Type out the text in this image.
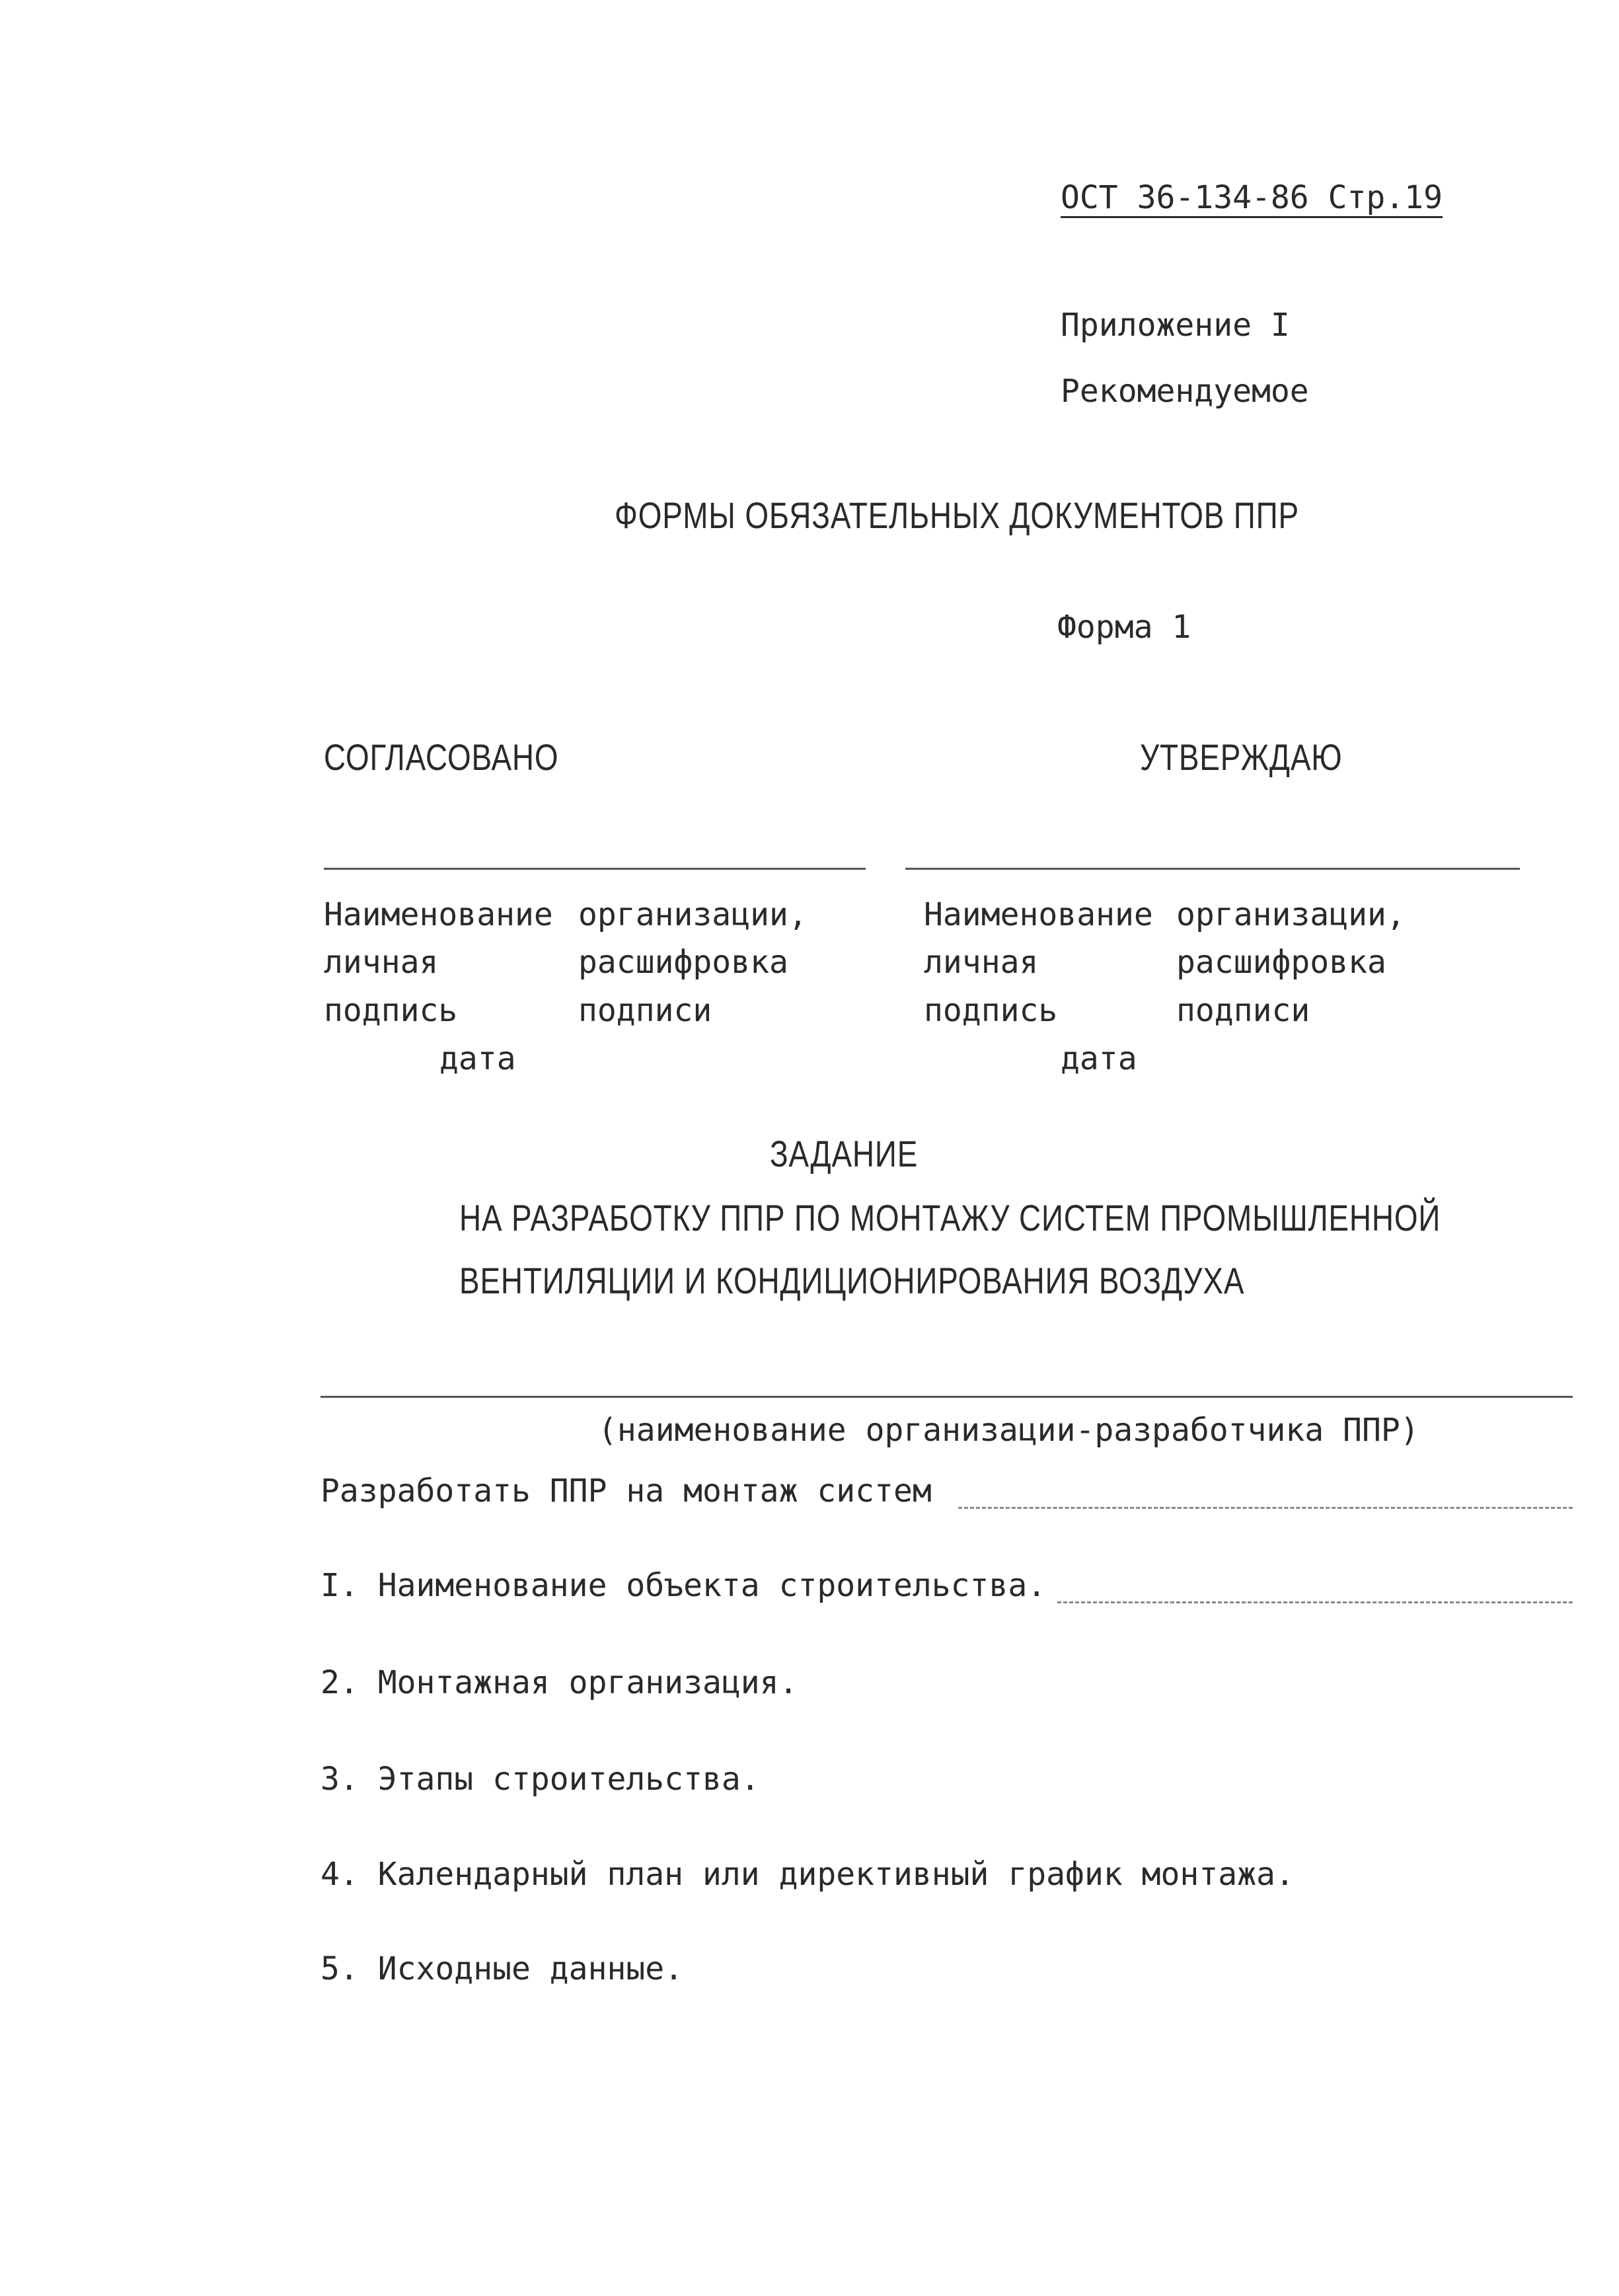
ОСТ 36-134-86 Стр.19
Приложение I
Рекомендуемое
ФОРМЫ ОБЯЗАТЕЛЬНЫХ ДОКУМЕНТОВ ППР
Форма 1
СОГЛАСОВАНО
Наименование
личная
подпись
организации,
расшифровка
подписи
дата
УТВЕРЖДАЮ
Наименование
личная
подпись
организации,
расшифровка
подписи
дата
ЗАДАНИЕ
НА РАЗРАБОТКУ ППР ПО МОНТАЖУ СИСТЕМ ПРОМЫШЛЕННОЙ
ВЕНТИЛЯЦИИ И КОНДИЦИОНИРОВАНИЯ ВОЗДУХА
(наименование организации-разработчика ППР)
Разработать ППР на монтаж систем
I. Наименование объекта строительства.
2. Монтажная организация.
3. Этапы строительства.
4. Календарный план или директивный график монтажа.
5. Исходные данные.
